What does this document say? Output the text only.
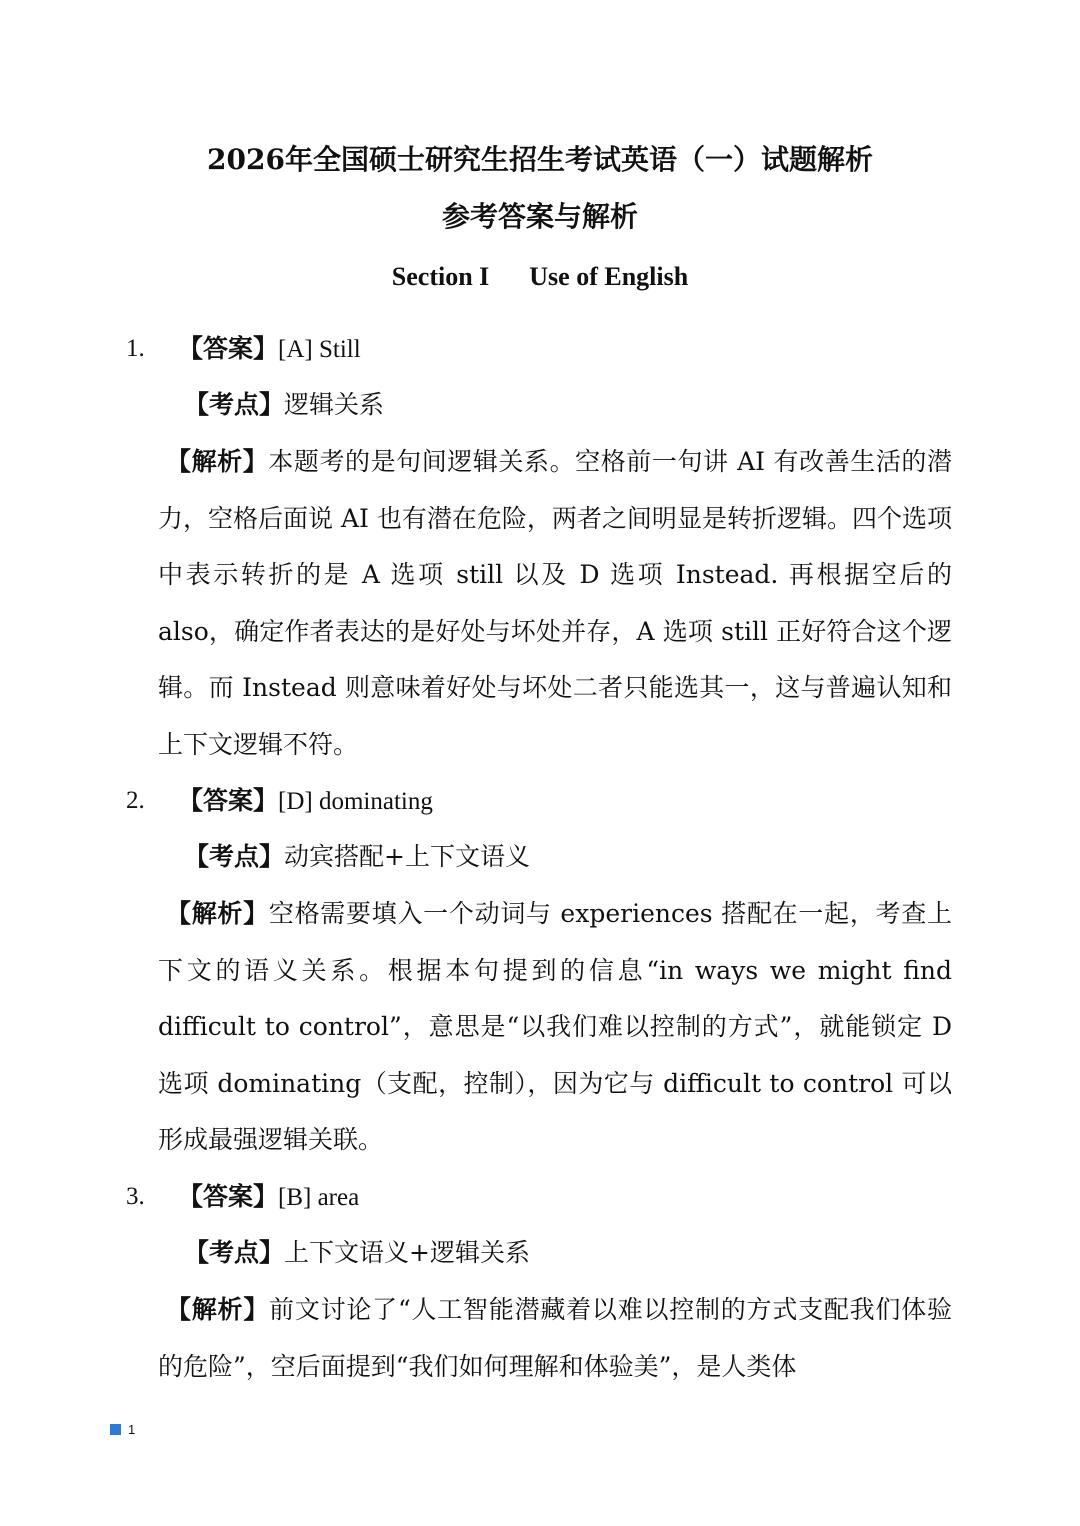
2026年全国硕士研究生招生考试英语（一）试题解析
参考答案与解析
Section I Use of English
1. 【答案】[A] Still
【考点】逻辑关系

【解析】本题考的是句间逻辑关系。空格前一句讲 AI 有改善生活的潜力，空格后面说 AI 也有潜在危险，两者之间明显是转折逻辑。四个选项中表示转折的是 A 选项 still 以及 D 选项 Instead. 再根据空后的 also，确定作者表达的是好处与坏处并存，A 选项 still 正好符合这个逻辑。而 Instead 则意味着好处与坏处二者只能选其一，这与普遍认知和上下文逻辑不符。

2. 【答案】[D] dominating
【考点】动宾搭配+上下文语义

【解析】空格需要填入一个动词与 experiences 搭配在一起，考查上下文的语义关系。根据本句提到的信息“in ways we might find difficult to control”，意思是“以我们难以控制的方式”，就能锁定 D 选项 dominating（支配，控制），因为它与 difficult to control 可以形成最强逻辑关联。

3. 【答案】[B] area
【考点】上下文语义+逻辑关系

【解析】前文讨论了“人工智能潜藏着以难以控制的方式支配我们体验的危险”，空后面提到“我们如何理解和体验美”，是人类体

1
